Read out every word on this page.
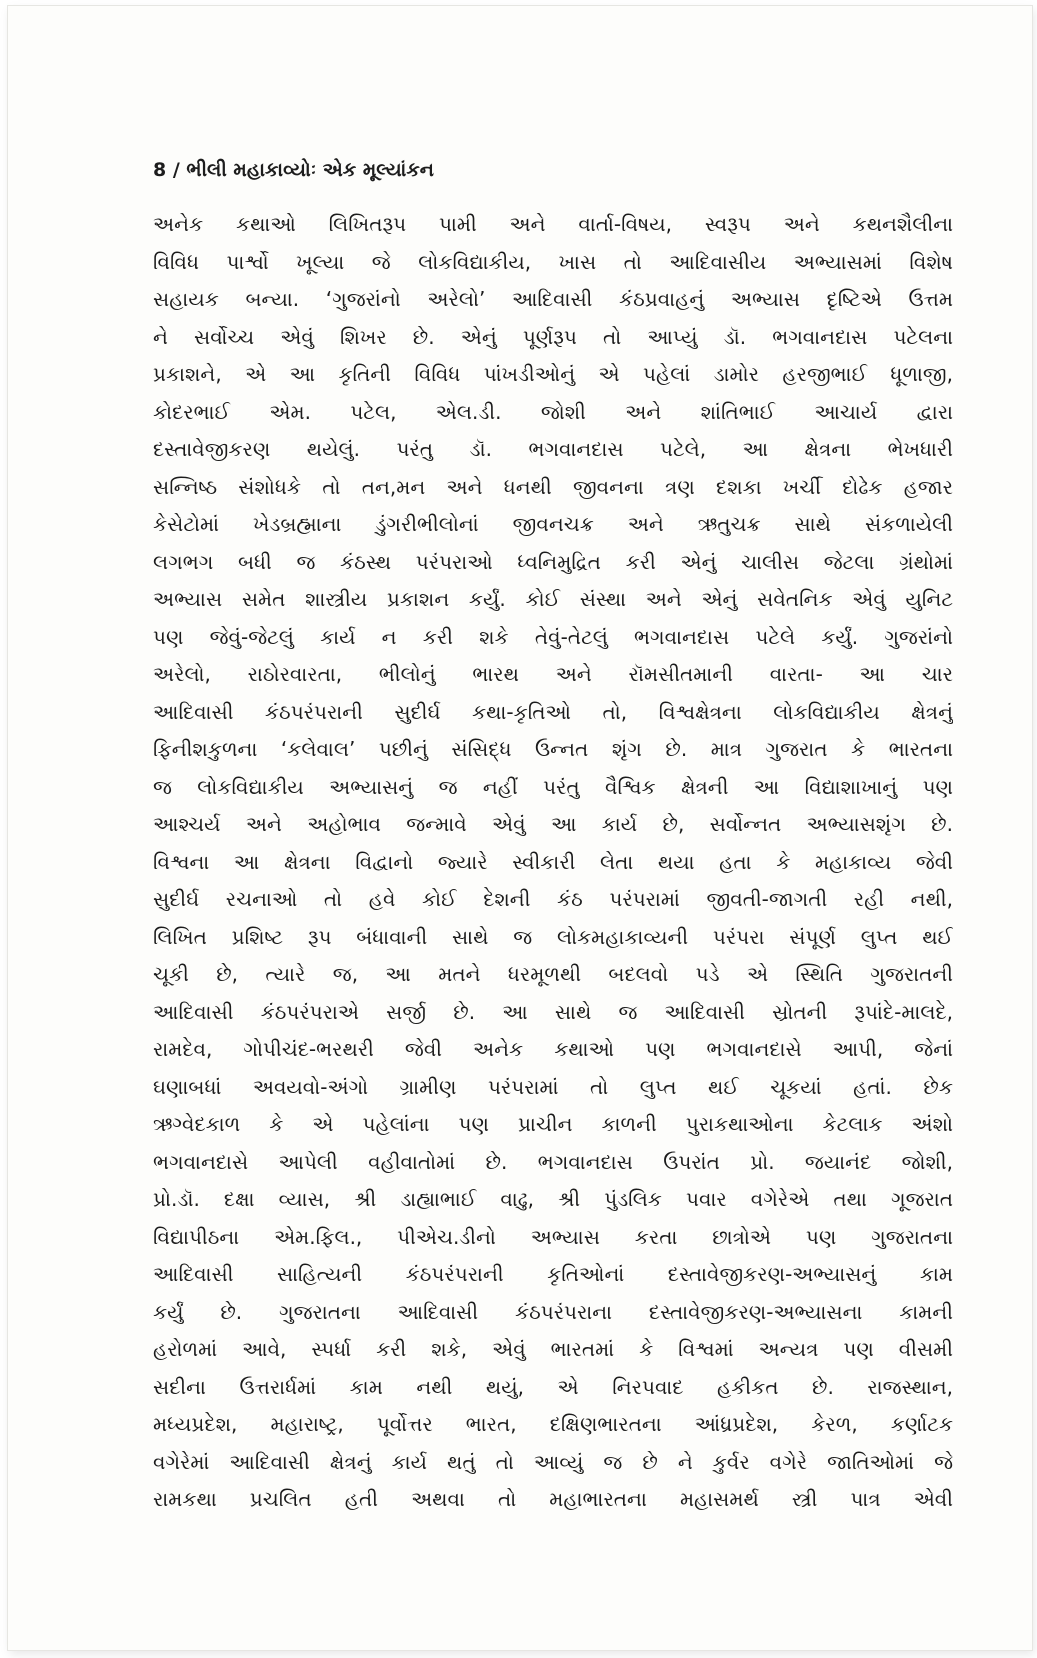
8 / ભીલી મહાકાવ્યોઃ એક મૂલ્યાંકન
અનેક કથાઓ લિખિતરૂપ પામી અને વાર્તા-વિષય, સ્વરૂપ અને કથનશૈલીના
વિવિધ પાર્શ્વો ખૂલ્યા જે લોકવિદ્યાકીય, ખાસ તો આદિવાસીય અભ્યાસમાં વિશેષ
સહાયક બન્યા. ‘ગુજરાંનો અરેલો’ આદિવાસી કંઠપ્રવાહનું અભ્યાસ દૃષ્ટિએ ઉત્તમ
ને સર્વોચ્ચ એવું શિખર છે. એનું પૂર્ણરૂપ તો આપ્યું ડૉ. ભગવાનદાસ પટેલના
પ્રકાશને, એ આ કૃતિની વિવિધ પાંખડીઓનું એ પહેલાં ડામોર હરજીભાઈ ધૂળાજી,
કોદરભાઈ એમ. પટેલ, એલ.ડી. જોશી અને શાંતિભાઈ આચાર્ય દ્વારા
દસ્તાવેજીકરણ થયેલું. પરંતુ ડૉ. ભગવાનદાસ પટેલે, આ ક્ષેત્રના ભેખધારી
સન્નિષ્ઠ સંશોધકે તો તન,મન અને ધનથી જીવનના ત્રણ દશકા ખર્ચી દોઢેક હજાર
કેસેટોમાં ખેડબ્રહ્માના ડુંગરીભીલોનાં જીવનચક્ર અને ઋતુચક્ર સાથે સંકળાયેલી
લગભગ બધી જ કંઠસ્થ પરંપરાઓ ધ્વનિમુદ્રિત કરી એનું ચાલીસ જેટલા ગ્રંથોમાં
અભ્યાસ સમેત શાસ્ત્રીય પ્રકાશન કર્યું. કોઈ સંસ્થા અને એનું સવેતનિક એવું યુનિટ
પણ જેવું-જેટલું કાર્ય ન કરી શકે તેવું-તેટલું ભગવાનદાસ પટેલે કર્યું. ગુજરાંનો
અરેલો, રાઠોરવારતા, ભીલોનું ભારથ અને રૉમસીતમાની વારતા- આ ચાર
આદિવાસી કંઠપરંપરાની સુદીર્ઘ કથા-કૃતિઓ તો, વિશ્વક્ષેત્રના લોકવિદ્યાકીય ક્ષેત્રનું
ફિનીશકુળના ‘કલેવાલ’ પછીનું સંસિદ્ધ ઉન્નત શૃંગ છે. માત્ર ગુજરાત કે ભારતના
જ લોકવિદ્યાકીય અભ્યાસનું જ નહીં પરંતુ વૈશ્વિક ક્ષેત્રની આ વિદ્યાશાખાનું પણ
આશ્ચર્ય અને અહોભાવ જન્માવે એવું આ કાર્ય છે, સર્વોન્નત અભ્યાસશૃંગ છે.
વિશ્વના આ ક્ષેત્રના વિદ્વાનો જ્યારે સ્વીકારી લેતા થયા હતા કે મહાકાવ્ય જેવી
સુદીર્ઘ રચનાઓ તો હવે કોઈ દેશની કંઠ પરંપરામાં જીવતી-જાગતી રહી નથી,
લિખિત પ્રશિષ્ટ રૂપ બંધાવાની સાથે જ લોકમહાકાવ્યની પરંપરા સંપૂર્ણ લુપ્ત થઈ
ચૂકી છે, ત્યારે જ, આ મતને ધરમૂળથી બદલવો પડે એ સ્થિતિ ગુજરાતની
આદિવાસી કંઠપરંપરાએ સર્જી છે. આ સાથે જ આદિવાસી સ્રોતની રૂપાંદે-માલદે,
રામદેવ, ગોપીચંદ-ભરથરી જેવી અનેક કથાઓ પણ ભગવાનદાસે આપી, જેનાં
ઘણાબધાં અવયવો-અંગો ગ્રામીણ પરંપરામાં તો લુપ્ત થઈ ચૂકયાં હતાં. છેક
ઋગ્વેદકાળ કે એ પહેલાંના પણ પ્રાચીન કાળની પુરાકથાઓના કેટલાક અંશો
ભગવાનદાસે આપેલી વહીવાતોમાં છે. ભગવાનદાસ ઉપરાંત પ્રો. જયાનંદ જોશી,
પ્રો.ડૉ. દક્ષા વ્યાસ, શ્રી ડાહ્યાભાઈ વાઢુ, શ્રી પુંડલિક પવાર વગેરેએ તથા ગૂજરાત
વિદ્યાપીઠના એમ.ફિલ., પીએચ.ડીનો અભ્યાસ કરતા છાત્રોએ પણ ગુજરાતના
આદિવાસી સાહિત્યની કંઠપરંપરાની કૃતિઓનાં દસ્તાવેજીકરણ-અભ્યાસનું કામ
કર્યું છે. ગુજરાતના આદિવાસી કંઠપરંપરાના દસ્તાવેજીકરણ-અભ્યાસના કામની
હરોળમાં આવે, સ્પર્ધા કરી શકે, એવું ભારતમાં કે વિશ્વમાં અન્યત્ર પણ વીસમી
સદીના ઉત્તરાર્ધમાં કામ નથી થયું, એ નિરપવાદ હકીકત છે. રાજસ્થાન,
મધ્યપ્રદેશ, મહારાષ્ટ્ર, પૂર્વોત્તર ભારત, દક્ષિણભારતના આંધ્રપ્રદેશ, કેરળ, કર્ણાટક
વગેરેમાં આદિવાસી ક્ષેત્રનું કાર્ય થતું તો આવ્યું જ છે ને કુર્વર વગેરે જાતિઓમાં જે
રામકથા પ્રચલિત હતી અથવા તો મહાભારતના મહાસમર્થ સ્ત્રી પાત્ર એવી
